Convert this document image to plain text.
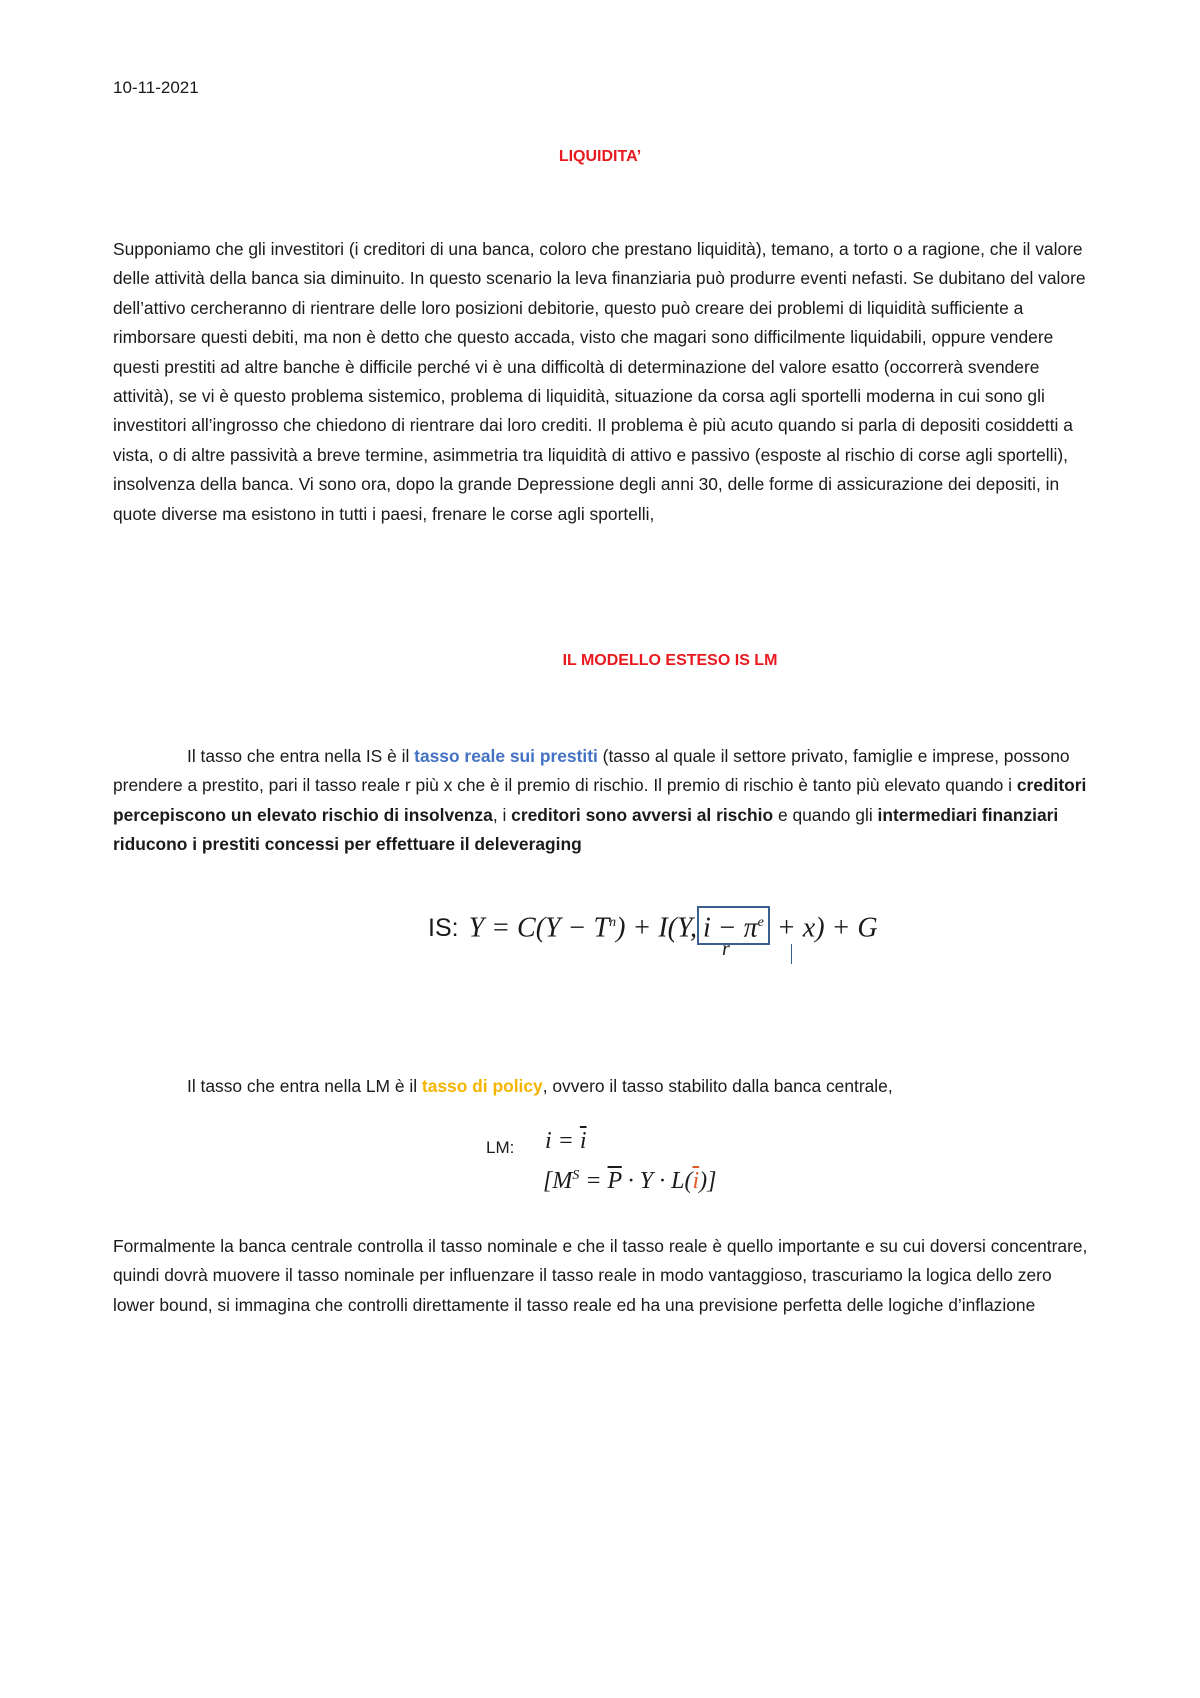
10-11-2021
LIQUIDITA’

Supponiamo che gli investitori (i creditori di una banca, coloro che prestano liquidità), temano, a torto o a ragione, che il valore delle attività della banca sia diminuito. In questo scenario la leva finanziaria può produrre eventi nefasti. Se dubitano del valore dell’attivo cercheranno di rientrare delle loro posizioni debitorie, questo può creare dei problemi di liquidità sufficiente a rimborsare questi debiti, ma non è detto che questo accada, visto che magari sono difficilmente liquidabili, oppure vendere questi prestiti ad altre banche è difficile perché vi è una difficoltà di determinazione del valore esatto (occorrerà svendere attività), se vi è questo problema sistemico, problema di liquidità, situazione da corsa agli sportelli moderna in cui sono gli investitori all’ingrosso che chiedono di rientrare dai loro crediti. Il problema è più acuto quando si parla di depositi cosiddetti a vista, o di altre passività a breve termine, asimmetria tra liquidità di attivo e passivo (esposte al rischio di corse agli sportelli), insolvenza della banca. Vi sono ora, dopo la grande Depressione degli anni 30, delle forme di assicurazione dei depositi, in quote diverse ma esistono in tutti i paesi, frenare le corse agli sportelli,

IL MODELLO ESTESO IS LM

Il tasso che entra nella IS è il tasso reale sui prestiti (tasso al quale il settore privato, famiglie e imprese, possono prendere a prestito, pari il tasso reale r più x che è il premio di rischio. Il premio di rischio è tanto più elevato quando i creditori percepiscono un elevato rischio di insolvenza, i creditori sono avversi al rischio e quando gli intermediari finanziari riducono i prestiti concessi per effettuare il deleveraging

IS: $Y = C(Y - T^n) + I(Y$, $i - \pi^e + x) + G$
r

Il tasso che entra nella LM è il tasso di policy, ovvero il tasso stabilito dalla banca centrale,

LM: $i = \overline{i}$
$[M^S = \overline{P} \cdot Y \cdot L(\overline{i})]$

Formalmente la banca centrale controlla il tasso nominale e che il tasso reale è quello importante e su cui doversi concentrare, quindi dovrà muovere il tasso nominale per influenzare il tasso reale in modo vantaggioso, trascuriamo la logica dello zero lower bound, si immagina che controlli direttamente il tasso reale ed ha una previsione perfetta delle logiche d’inflazione
